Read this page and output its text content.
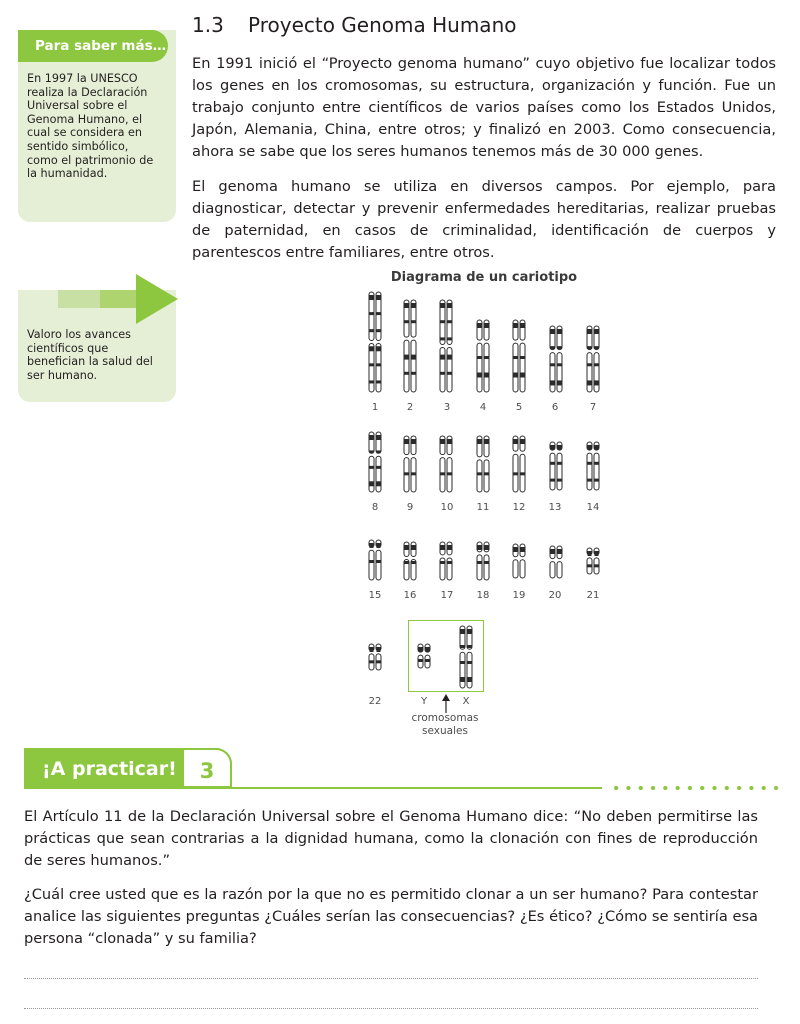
Para saber más…
En 1997 la UNESCO
realiza la Declaración
Universal sobre el
Genoma Humano, el
cual se considera en
sentido simbólico,
como el patrimonio de
la humanidad.
Valoro los avances
científicos que
benefician la salud del
ser humano.
1.3 Proyecto Genoma Humano

En 1991 inició el “Proyecto genoma humano” cuyo objetivo fue localizar todos los genes en los cromosomas, su estructura, organización y función. Fue un trabajo conjunto entre científicos de varios países como los Estados Unidos, Japón, Alemania, China, entre otros; y finalizó en 2003. Como consecuencia, ahora se sabe que los seres humanos tenemos más de 30 000 genes.

El genoma humano se utiliza en diversos campos. Por ejemplo, para diagnosticar, detectar y prevenir enfermedades hereditarias, realizar pruebas de paternidad, en casos de criminalidad, identificación de cuerpos y parentescos entre familiares, entre otros.

Diagrama de un cariotipo
1	2	3	4	5	6	7
8	9	10	11	12	13	14
15	16	17	18	19	20	21
22	Y	X
cromosomas
sexuales
¡A practicar!	3

El Artículo 11 de la Declaración Universal sobre el Genoma Humano dice: “No deben permitirse las prácticas que sean contrarias a la dignidad humana, como la clonación con fines de reproducción de seres humanos.”

¿Cuál cree usted que es la razón por la que no es permitido clonar a un ser humano? Para contestar analice las siguientes preguntas ¿Cuáles serían las consecuencias? ¿Es ético? ¿Cómo se sentiría esa persona “clonada” y su familia?
